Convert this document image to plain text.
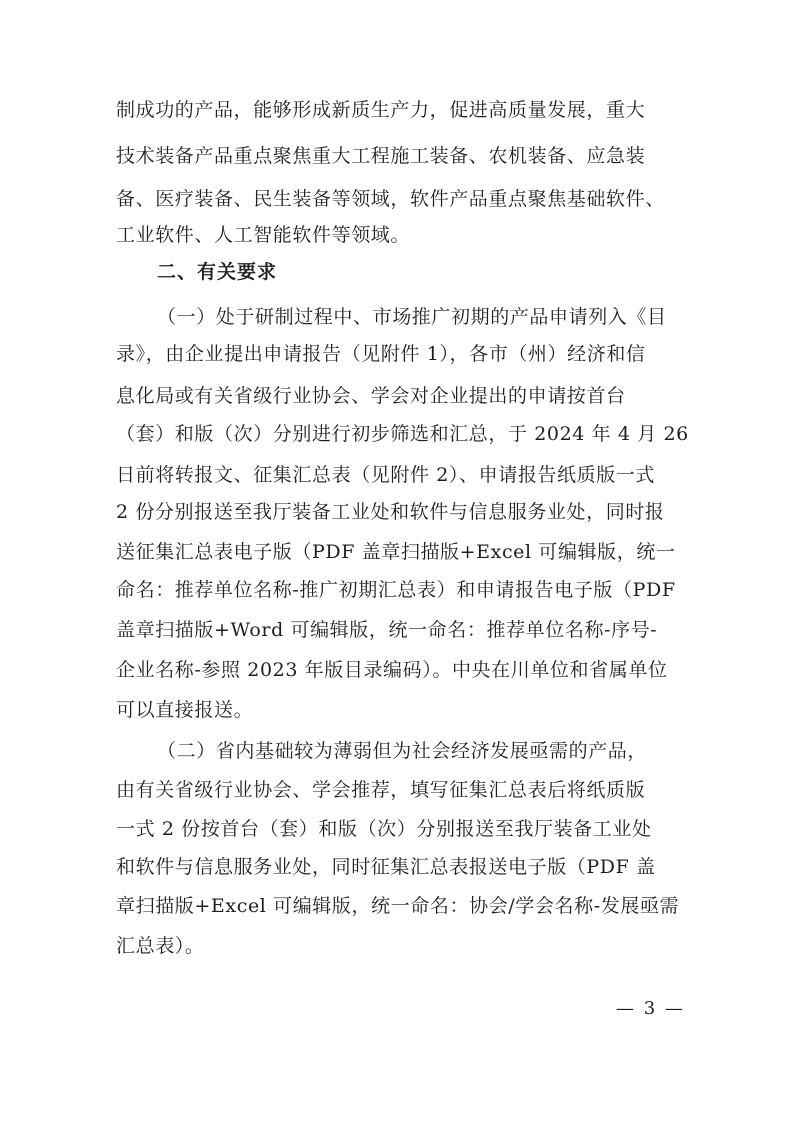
制成功的产品，能够形成新质生产力，促进高质量发展，重大
技术装备产品重点聚焦重大工程施工装备、农机装备、应急装
备、医疗装备、民生装备等领域，软件产品重点聚焦基础软件、
工业软件、人工智能软件等领域。
二、有关要求
（一）处于研制过程中、市场推广初期的产品申请列入《目
录》，由企业提出申请报告（见附件 1），各市（州）经济和信
息化局或有关省级行业协会、学会对企业提出的申请按首台
（套）和版（次）分别进行初步筛选和汇总，于 2024 年 4 月 26
日前将转报文、征集汇总表（见附件 2）、申请报告纸质版一式
2 份分别报送至我厅装备工业处和软件与信息服务业处，同时报
送征集汇总表电子版（PDF 盖章扫描版+Excel 可编辑版，统一
命名：推荐单位名称-推广初期汇总表）和申请报告电子版（PDF
盖章扫描版+Word 可编辑版，统一命名：推荐单位名称-序号-
企业名称-参照 2023 年版目录编码）。中央在川单位和省属单位
可以直接报送。
（二）省内基础较为薄弱但为社会经济发展亟需的产品，
由有关省级行业协会、学会推荐，填写征集汇总表后将纸质版
一式 2 份按首台（套）和版（次）分别报送至我厅装备工业处
和软件与信息服务业处，同时征集汇总表报送电子版（PDF 盖
章扫描版+Excel 可编辑版，统一命名：协会/学会名称-发展亟需
汇总表）。
— 3 —
